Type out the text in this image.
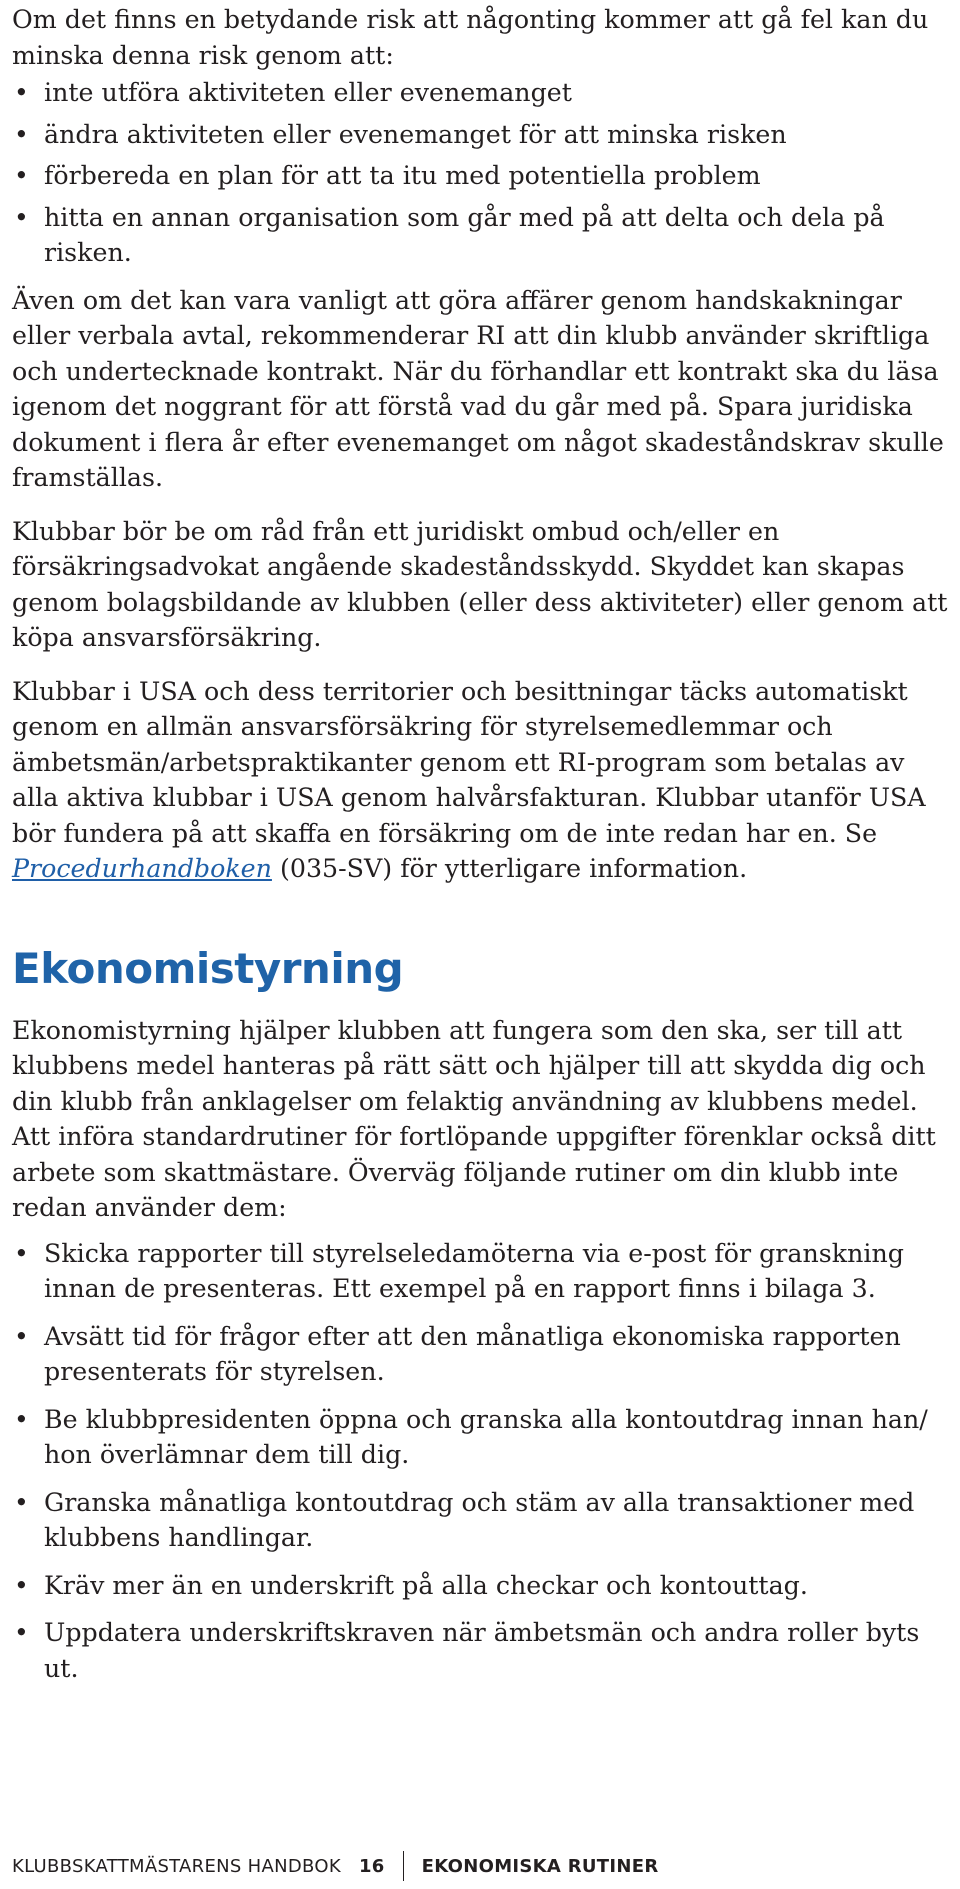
Om det finns en betydande risk att någonting kommer att gå fel kan du minska denna risk genom att:

• inte utföra aktiviteten eller evenemanget
• ändra aktiviteten eller evenemanget för att minska risken
• förbereda en plan för att ta itu med potentiella problem
• hitta en annan organisation som går med på att delta och dela på risken.

Även om det kan vara vanligt att göra affärer genom handskakningar eller verbala avtal, rekommenderar RI att din klubb använder skriftliga och undertecknade kontrakt. När du förhandlar ett kontrakt ska du läsa igenom det noggrant för att förstå vad du går med på. Spara juridiska dokument i flera år efter evenemanget om något skadeståndskrav skulle framställas.

Klubbar bör be om råd från ett juridiskt ombud och/eller en försäkringsadvokat angående skadeståndsskydd. Skyddet kan skapas genom bolagsbildande av klubben (eller dess aktiviteter) eller genom att köpa ansvarsförsäkring.

Klubbar i USA och dess territorier och besittningar täcks automatiskt genom en allmän ansvarsförsäkring för styrelsemedlemmar och ämbetsmän/arbetspraktikanter genom ett RI-program som betalas av alla aktiva klubbar i USA genom halvårsfakturan. Klubbar utanför USA bör fundera på att skaffa en försäkring om de inte redan har en. Se Procedurhandboken (035-SV) för ytterligare information.

Ekonomistyrning

Ekonomistyrning hjälper klubben att fungera som den ska, ser till att klubbens medel hanteras på rätt sätt och hjälper till att skydda dig och din klubb från anklagelser om felaktig användning av klubbens medel. Att införa standardrutiner för fortlöpande uppgifter förenklar också ditt arbete som skattmästare. Överväg följande rutiner om din klubb inte redan använder dem:

• Skicka rapporter till styrelseledamöterna via e-post för granskning innan de presenteras. Ett exempel på en rapport finns i bilaga 3.
• Avsätt tid för frågor efter att den månatliga ekonomiska rapporten presenterats för styrelsen.
• Be klubbpresidenten öppna och granska alla kontoutdrag innan han/ hon överlämnar dem till dig.
• Granska månatliga kontoutdrag och stäm av alla transaktioner med klubbens handlingar.
• Kräv mer än en underskrift på alla checkar och kontouttag.
• Uppdatera underskriftskraven när ämbetsmän och andra roller byts ut.
KLUBBSKATTMÄSTARENS HANDBOK 16 EKONOMISKA RUTINER
